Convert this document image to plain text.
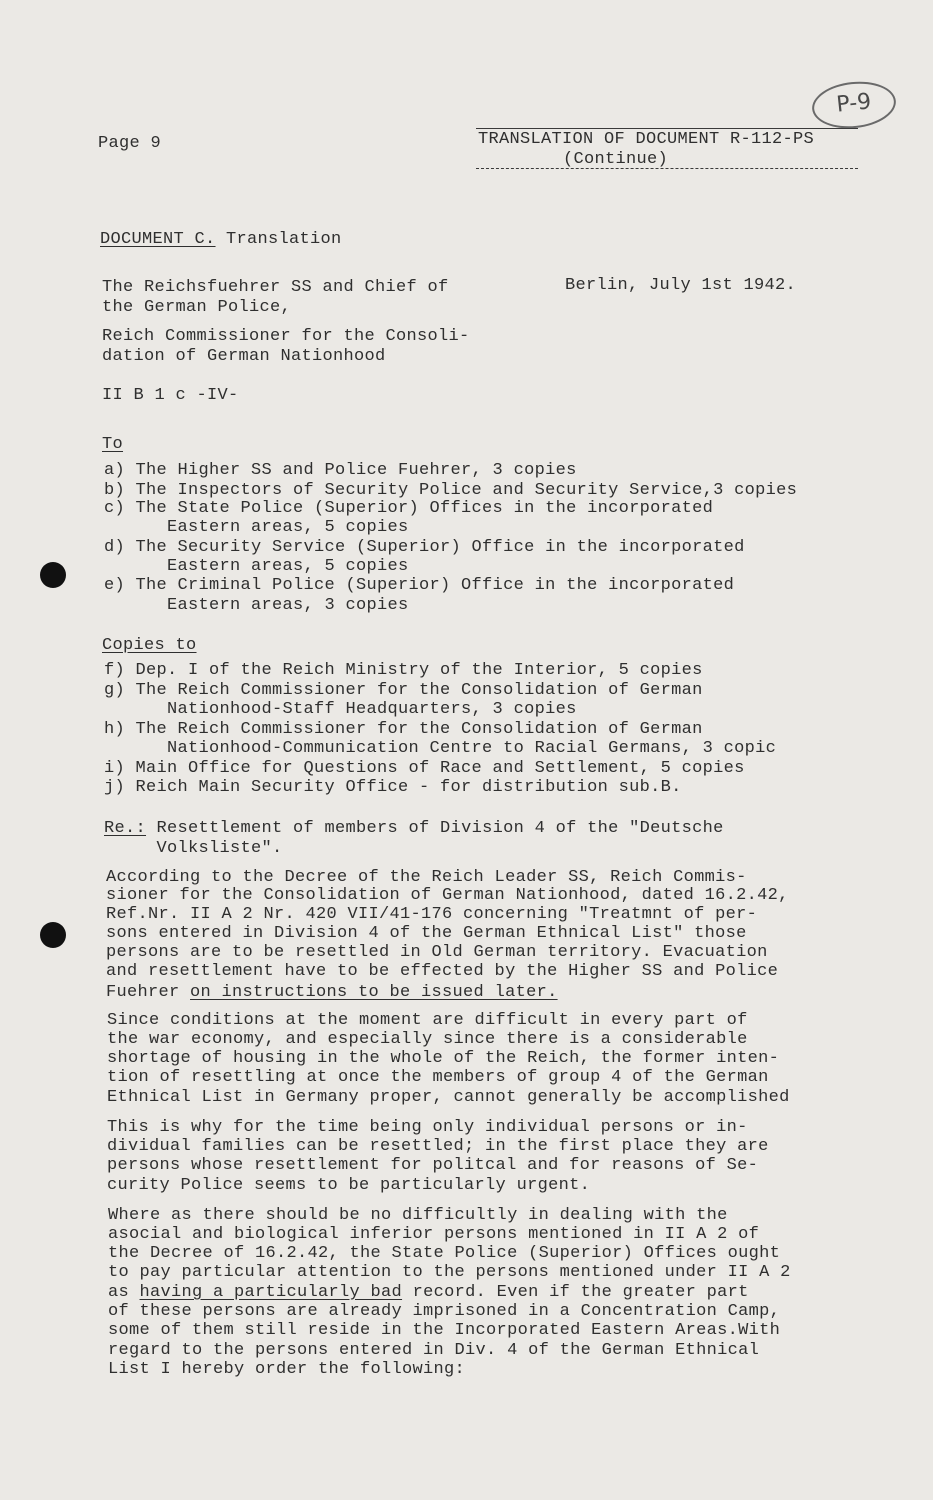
P-9
Page 9	TRANSLATION OF DOCUMENT R-112-PS
(Continue)
DOCUMENT C. Translation
The Reichsfuehrer SS and Chief of
the German Police,
Berlin, July 1st 1942.
Reich Commissioner for the Consoli-
dation of German Nationhood
II B 1 c -IV-
To
a) The Higher SS and Police Fuehrer, 3 copies
b) The Inspectors of Security Police and Security Service,3 copies
c) The State Police (Superior) Offices in the incorporated
Eastern areas, 5 copies
d) The Security Service (Superior) Office in the incorporated
Eastern areas, 5 copies
e) The Criminal Police (Superior) Office in the incorporated
Eastern areas, 3 copies
Copies to
f) Dep. I of the Reich Ministry of the Interior, 5 copies
g) The Reich Commissioner for the Consolidation of German
Nationhood-Staff Headquarters, 3 copies
h) The Reich Commissioner for the Consolidation of German
Nationhood-Communication Centre to Racial Germans, 3 copic
i) Main Office for Questions of Race and Settlement, 5 copies
j) Reich Main Security Office - for distribution sub.B.
Re.: Resettlement of members of Division 4 of the "Deutsche
Volksliste".
According to the Decree of the Reich Leader SS, Reich Commis-
sioner for the Consolidation of German Nationhood, dated 16.2.42,
Ref.Nr. II A 2 Nr. 420 VII/41-176 concerning "Treatmnt of per-
sons entered in Division 4 of the German Ethnical List" those
persons are to be resettled in Old German territory. Evacuation
and resettlement have to be effected by the Higher SS and Police
Fuehrer on instructions to be issued later.
Since conditions at the moment are difficult in every part of
the war economy, and especially since there is a considerable
shortage of housing in the whole of the Reich, the former inten-
tion of resettling at once the members of group 4 of the German
Ethnical List in Germany proper, cannot generally be accomplished
This is why for the time being only individual persons or in-
dividual families can be resettled; in the first place they are
persons whose resettlement for politcal and for reasons of Se-
curity Police seems to be particularly urgent.
Where as there should be no difficultly in dealing with the
asocial and biological inferior persons mentioned in II A 2 of
the Decree of 16.2.42, the State Police (Superior) Offices ought
to pay particular attention to the persons mentioned under II A 2
as having a particularly bad record. Even if the greater part
of these persons are already imprisoned in a Concentration Camp,
some of them still reside in the Incorporated Eastern Areas.With
regard to the persons entered in Div. 4 of the German Ethnical
List I hereby order the following:
